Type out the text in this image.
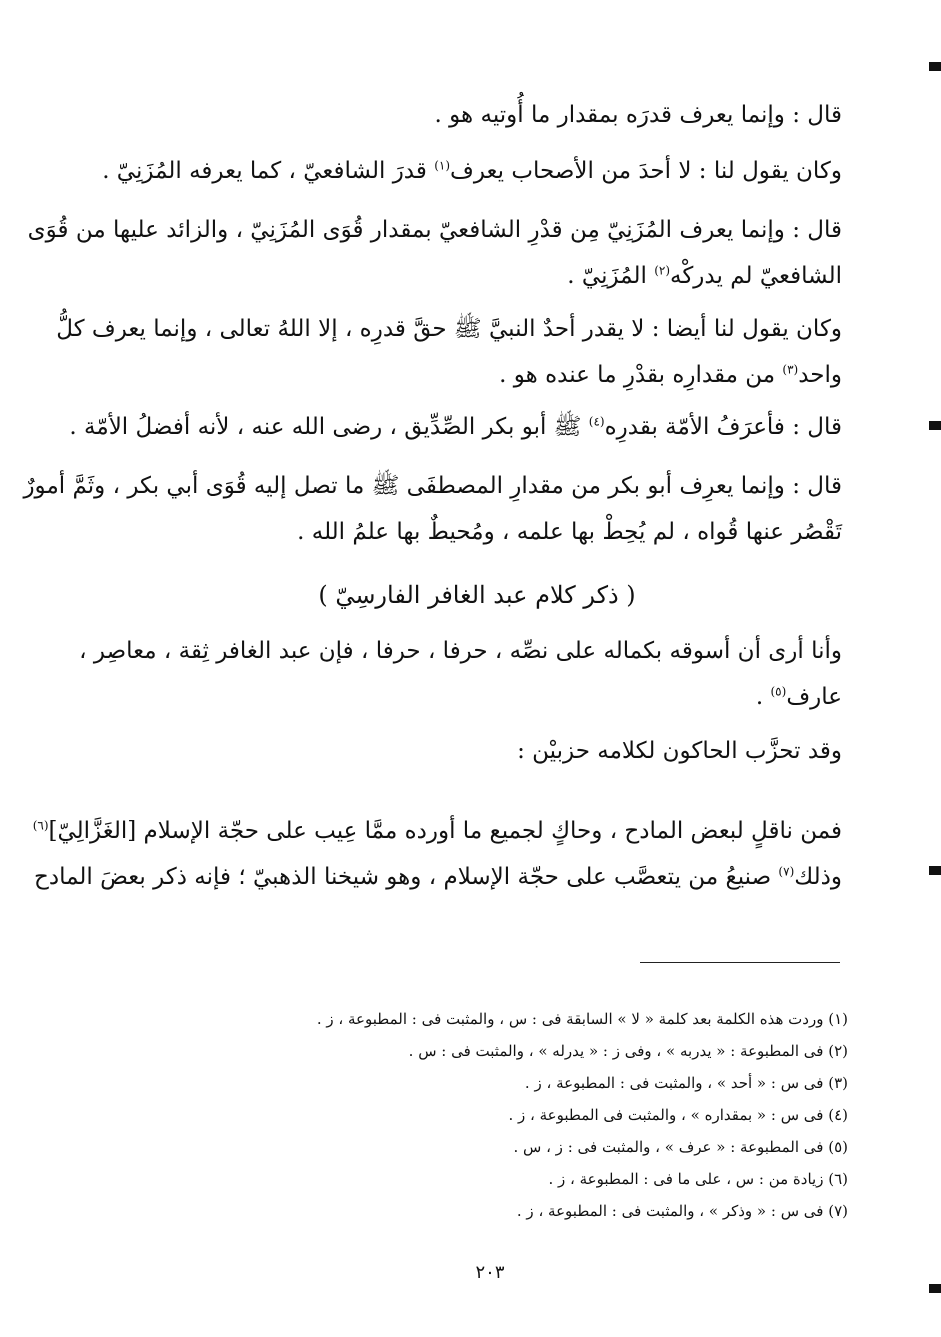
قال : وإنما يعرف قدرَه بمقدار ما أُوتيه هو .
وكان يقول لنا : لا أحدَ من الأصحاب يعرف$^{(١)}$ قدرَ الشافعيّ ، كما يعرفه المُزَنِيّ .
قال : وإنما يعرف المُزَنِيّ مِن قدْرِ الشافعيّ بمقدار قُوَى المُزَنِيّ ، والزائد عليها من قُوَى
الشافعيّ لم يدركْه$^{(٢)}$ المُزَنِيّ .
وكان يقول لنا أيضا : لا يقدر أحدٌ النبيَّ ﷺ حقَّ قدرِه ، إلا اللهُ تعالى ، وإنما يعرف كلُّ
واحد$^{(٣)}$ من مقدارِه بقدْرِ ما عنده هو .
قال : فأعرَفُ الأمّة بقدرِه$^{(٤)}$ ﷺ أبو بكر الصِّدِّيق ، رضى الله عنه ، لأنه أفضلُ الأمّة .
قال : وإنما يعرِف أبو بكر من مقدارِ المصطفَى ﷺ ما تصل إليه قُوَى أبي بكر ، وثَمَّ أمورٌ
تَقْصُر عنها قُواه ، لم يُحِطْ بها علمه ، ومُحيطٌ بها علمُ الله .
( ذكر كلام عبد الغافر الفارسِيّ )
وأنا أرى أن أسوقه بكماله على نصِّه ، حرفا ، حرفا ، فإن عبد الغافر ثِقة ، معاصِر ،
عارف$^{(٥)}$ .
وقد تحزَّب الحاكون لكلامه حزبيْن :
فمن ناقلٍ لبعض المادح ، وحاكٍ لجميع ما أورده ممَّا عِيب على حجّة الإسلام [الغَزَّالِيّ]$^{(٦)}$
وذلك$^{(٧)}$ صنيعُ من يتعصَّب على حجّة الإسلام ، وهو شيخنا الذهبيّ ؛ فإنه ذكر بعضَ المادح
(١) وردت هذه الكلمة بعد كلمة « لا » السابقة فى : س ، والمثبت فى : المطبوعة ، ز .
(٢) فى المطبوعة : « يدربه » ، وفى ز : « يدرله » ، والمثبت فى : س .
(٣) فى س : « أحد » ، والمثبت فى : المطبوعة ، ز .
(٤) فى س : « بمقداره » ، والمثبت فى المطبوعة ، ز .
(٥) فى المطبوعة : « عرف » ، والمثبت فى : ز ، س .
(٦) زيادة من : س ، على ما فى : المطبوعة ، ز .
(٧) فى س : « وذكر » ، والمثبت فى : المطبوعة ، ز .
٢٠٣
